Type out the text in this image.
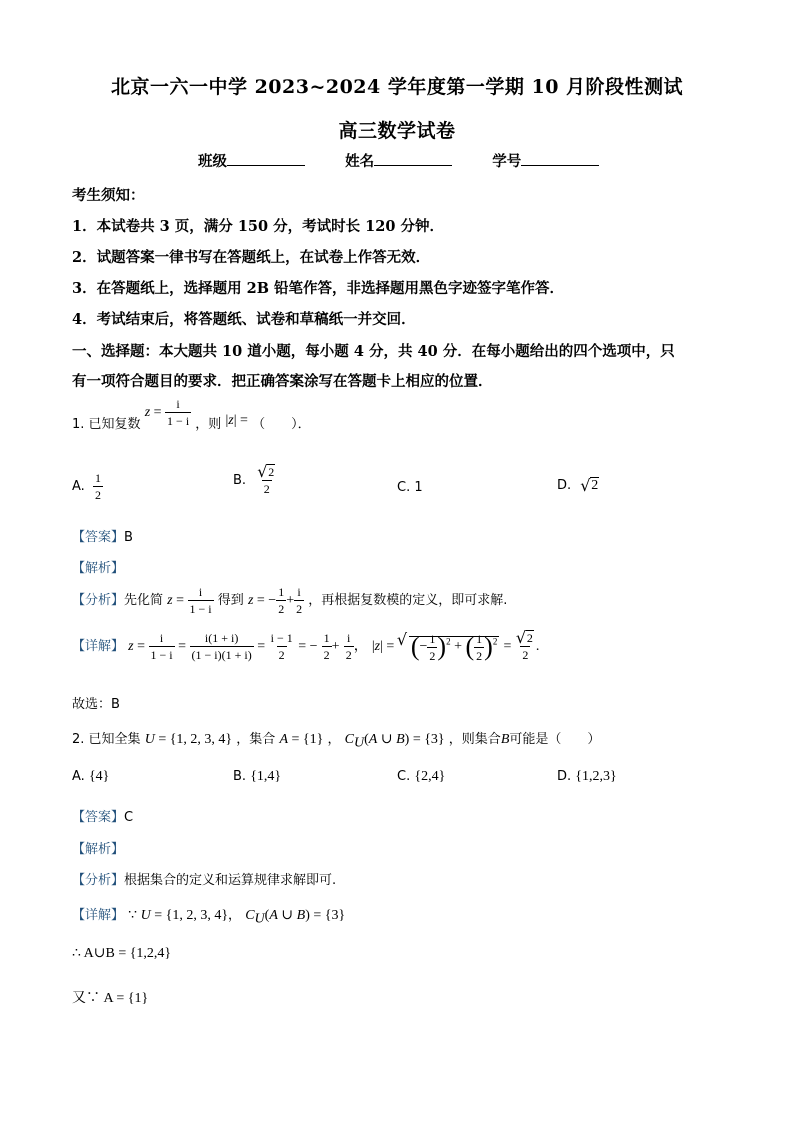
北京一六一中学 2023~2024 学年度第一学期 10 月阶段性测试
高三数学试卷
班级	姓名	学号
考生须知：
1．本试卷共 3 页，满分 150 分，考试时长 120 分钟．
2．试题答案一律书写在答题纸上，在试卷上作答无效．
3．在答题纸上，选择题用 2B 铅笔作答，非选择题用黑色字迹签字笔作答．
4．考试结束后，将答题纸、试卷和草稿纸一并交回．
一、选择题：本大题共 10 道小题，每小题 4 分，共 40 分．在每小题给出的四个选项中，只
有一项符合题目的要求．把正确答案涂写在答题卡上相应的位置．
1. 已知复数 $z = \frac{i}{1 - i}$ ，则 |z| = （　　）．
A. $\frac{1}{2}$	B. √ $\frac{2}{2}$	C. 1	D. √ 2
【答案】B
【解析】
【分析】先化简 $z = \frac{i}{1 - i}$ 得到 z = − $\frac{1}{2} + \frac{i}{2}$ ，再根据复数模的定义，即可求解.
【详解】 $z = \frac{i}{1 - i} = \frac{i(1 + i)}{(1 - i)(1 + i)} = \frac{i - 1}{2}$ = − $\frac{1}{2} + \frac{i}{2}$ ， |z| = √ (− $\frac{1}{2} )^2$ + ( $\frac{1}{2} )^2$ = √ $\frac{2}{2}$ .
故选：B
2. 已知全集 U = {1, 2, 3, 4} ，集合 A = {1} ， $C_U(A$ ∪ B) = {3} ，则集合B可能是（　　）
A. {4}	B. {1,4}	C. {2,4}	D. {1,2,3}
【答案】C
【解析】
【分析】根据集合的定义和运算规律求解即可.
【详解】 ∵ U = {1, 2, 3, 4}， $C_U(A$ ∪ B) = {3}
∴ A∪B = {1,2,4}
又∵ A = {1}
